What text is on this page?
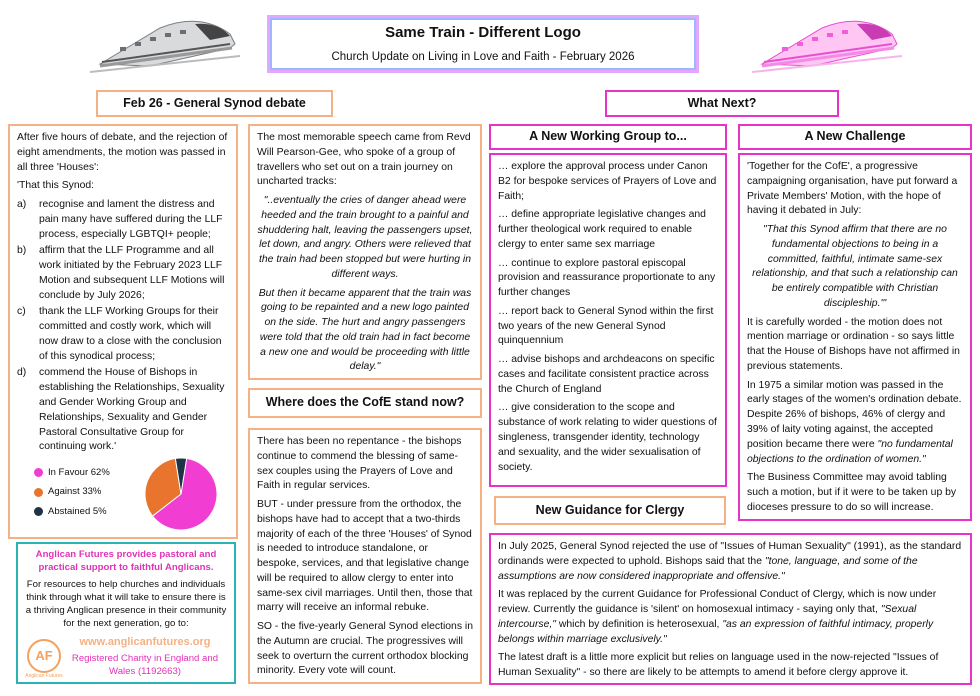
Same Train - Different Logo
Church Update on Living in Love and Faith - February 2026
Feb 26 - General Synod debate	What Next?
A New Working Group to...	A New Challenge
Where does the CofE stand now?
New Guidance for Clergy

After five hours of debate, and the rejection of eight amendments, the motion was passed in all three 'Houses':

'That this Synod:

a)	recognise and lament the distress and pain many have suffered during the LLF process, especially LGBTQI+ people;
b)	affirm that the LLF Programme and all work initiated by the February 2023 LLF Motion and subsequent LLF Motions will conclude by July 2026;
c)	thank the LLF Working Groups for their committed and costly work, which will now draw to a close with the conclusion of this synodical process;
d)	commend the House of Bishops in establishing the Relationships, Sexuality and Gender Working Group and Relationships, Sexuality and Gender Pastoral Consultative Group for continuing work.'
In Favour 62%
Against 33%
Abstained 5%

Anglican Futures provides pastoral and practical support to faithful Anglicans.

For resources to help churches and individuals think through what it will take to ensure there is a thriving Anglican presence in their community for the next generation, go to:

AF
Anglican Futures

www.anglicanfutures.org

Registered Charity in England and Wales (1192663)

The most memorable speech came from Revd Will Pearson-Gee, who spoke of a group of travellers who set out on a train journey on uncharted tracks:

"..eventually the cries of danger ahead were heeded and the train brought to a painful and shuddering halt, leaving the passengers upset, let down, and angry. Others were relieved that the train had been stopped but were hurting in different ways.

But then it became apparent that the train was going to be repainted and a new logo painted on the side. The hurt and angry passengers were told that the old train had in fact become a new one and would be proceeding with little delay."

There has been no repentance - the bishops continue to commend the blessing of same-sex couples using the Prayers of Love and Faith in regular services.

BUT - under pressure from the orthodox, the bishops have had to accept that a two-thirds majority of each of the three 'Houses' of Synod is needed to introduce standalone, or bespoke, services, and that legislative change will be required to allow clergy to enter into same-sex civil marriages. Until then, those that marry will receive an informal rebuke.

SO - the five-yearly General Synod elections in the Autumn are crucial. The progressives will seek to overturn the current orthodox blocking minority. Every vote will count.

… explore the approval process under Canon B2 for bespoke services of Prayers of Love and Faith;

… define appropriate legislative changes and further theological work required to enable clergy to enter same sex marriage

… continue to explore pastoral episcopal provision and reassurance proportionate to any further changes

… report back to General Synod within the first two years of the new General Synod quinquennium

… advise bishops and archdeacons on specific cases and facilitate consistent practice across the Church of England

… give consideration to the scope and substance of work relating to wider questions of singleness, transgender identity, technology and sexuality, and the wider sexualisation of society.

'Together for the CofE', a progressive campaigning organisation, have put forward a Private Members' Motion, with the hope of having it debated in July:

"That this Synod affirm that there are no fundamental objections to being in a committed, faithful, intimate same-sex relationship, and that such a relationship can be entirely compatible with Christian discipleship.'"

It is carefully worded - the motion does not mention marriage or ordination - so says little that the House of Bishops have not affirmed in previous statements.

In 1975 a similar motion was passed in the early stages of the women's ordination debate. Despite 26% of bishops, 46% of clergy and 39% of laity voting against, the accepted position became there were "no fundamental objections to the ordination of women."

The Business Committee may avoid tabling such a motion, but if it were to be taken up by dioceses pressure to do so will increase.

In July 2025, General Synod rejected the use of "Issues of Human Sexuality" (1991), as the standard ordinands were expected to uphold. Bishops said that the "tone, language, and some of the assumptions are now considered inappropriate and offensive."

It was replaced by the current Guidance for Professional Conduct of Clergy, which is now under review. Currently the guidance is 'silent' on homosexual intimacy - saying only that, "Sexual intercourse," which by definition is heterosexual, "as an expression of faithful intimacy, properly belongs within marriage exclusively."

The latest draft is a little more explicit but relies on language used in the now-rejected "Issues of Human Sexuality" - so there are likely to be attempts to amend it before clergy approve it.
